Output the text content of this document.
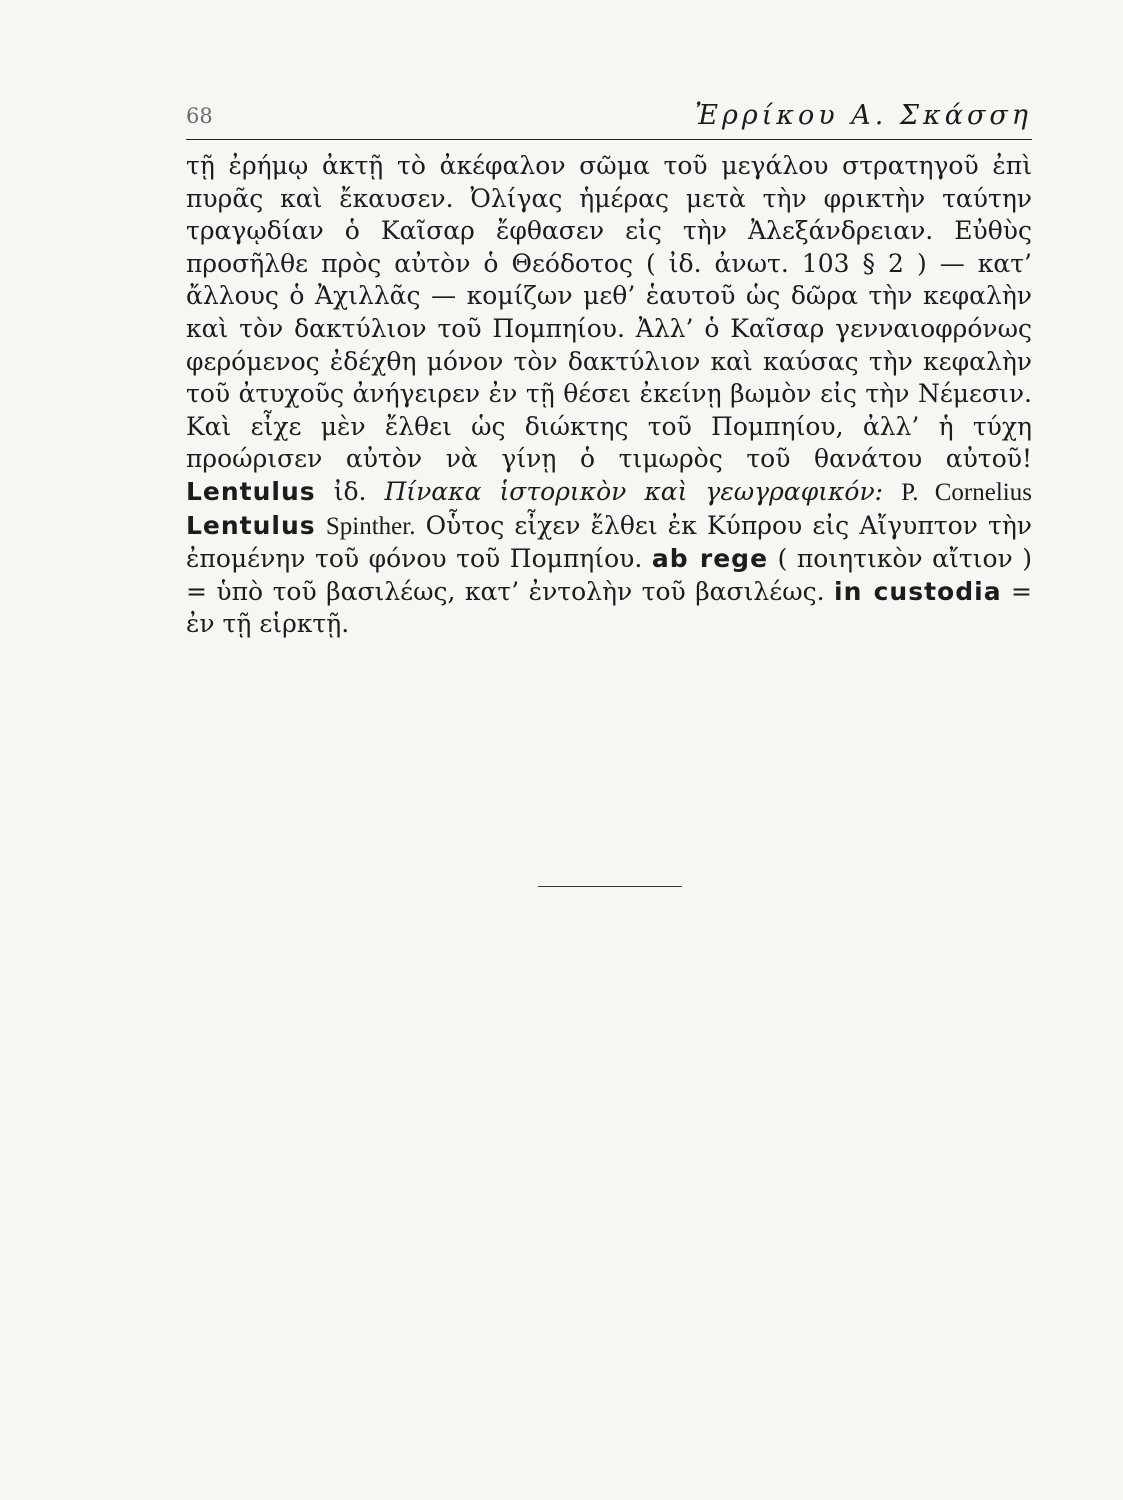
68	Ἐρρίκου Α. Σκάσση

τῇ ἐρήμῳ ἀκτῇ τὸ ἀκέφαλον σῶμα τοῦ μεγάλου στρατηγοῦ ἐπὶ πυρᾶς καὶ ἔκαυσεν. Ὀλίγας ἡμέρας μετὰ τὴν φρικτὴν ταύτην τραγῳδίαν ὁ Καῖσαρ ἔφθασεν εἰς τὴν Ἀλεξάνδρειαν. Εὐθὺς προσῆλθε πρὸς αὐτὸν ὁ Θεόδοτος ( ἰδ. ἀνωτ. 103 § 2 ) — κατ’ ἄλλους ὁ Ἀχιλλᾶς — κομίζων μεθ’ ἑαυτοῦ ὡς δῶρα τὴν κεφαλὴν καὶ τὸν δακτύλιον τοῦ Πομπηίου. Ἀλλ’ ὁ Καῖσαρ γενναιοφρόνως φερόμενος ἐδέχθη μόνον τὸν δακτύλιον καὶ καύσας τὴν κεφαλὴν τοῦ ἀτυχοῦς ἀνήγειρεν ἐν τῇ θέσει ἐκείνῃ βωμὸν εἰς τὴν Νέμεσιν. Καὶ εἶχε μὲν ἔλθει ὡς διώκτης τοῦ Πομπηίου, ἀλλ’ ἡ τύχη προώρισεν αὐτὸν νὰ γίνῃ ὁ τιμωρὸς τοῦ θανάτου αὐτοῦ! Lentulus ἰδ. Πίνακα ἱστορικὸν καὶ γεωγραφικόν: P. Cornelius Lentulus Spinther. Οὗτος εἶχεν ἔλθει ἐκ Κύπρου εἰς Αἴγυπτον τὴν ἐπομένην τοῦ φόνου τοῦ Πομπηίου. ab rege ( ποιητικὸν αἴτιον ) = ὑπὸ τοῦ βασιλέως, κατ’ ἐντολὴν τοῦ βασιλέως. in custodia = ἐν τῇ εἱρκτῇ.
